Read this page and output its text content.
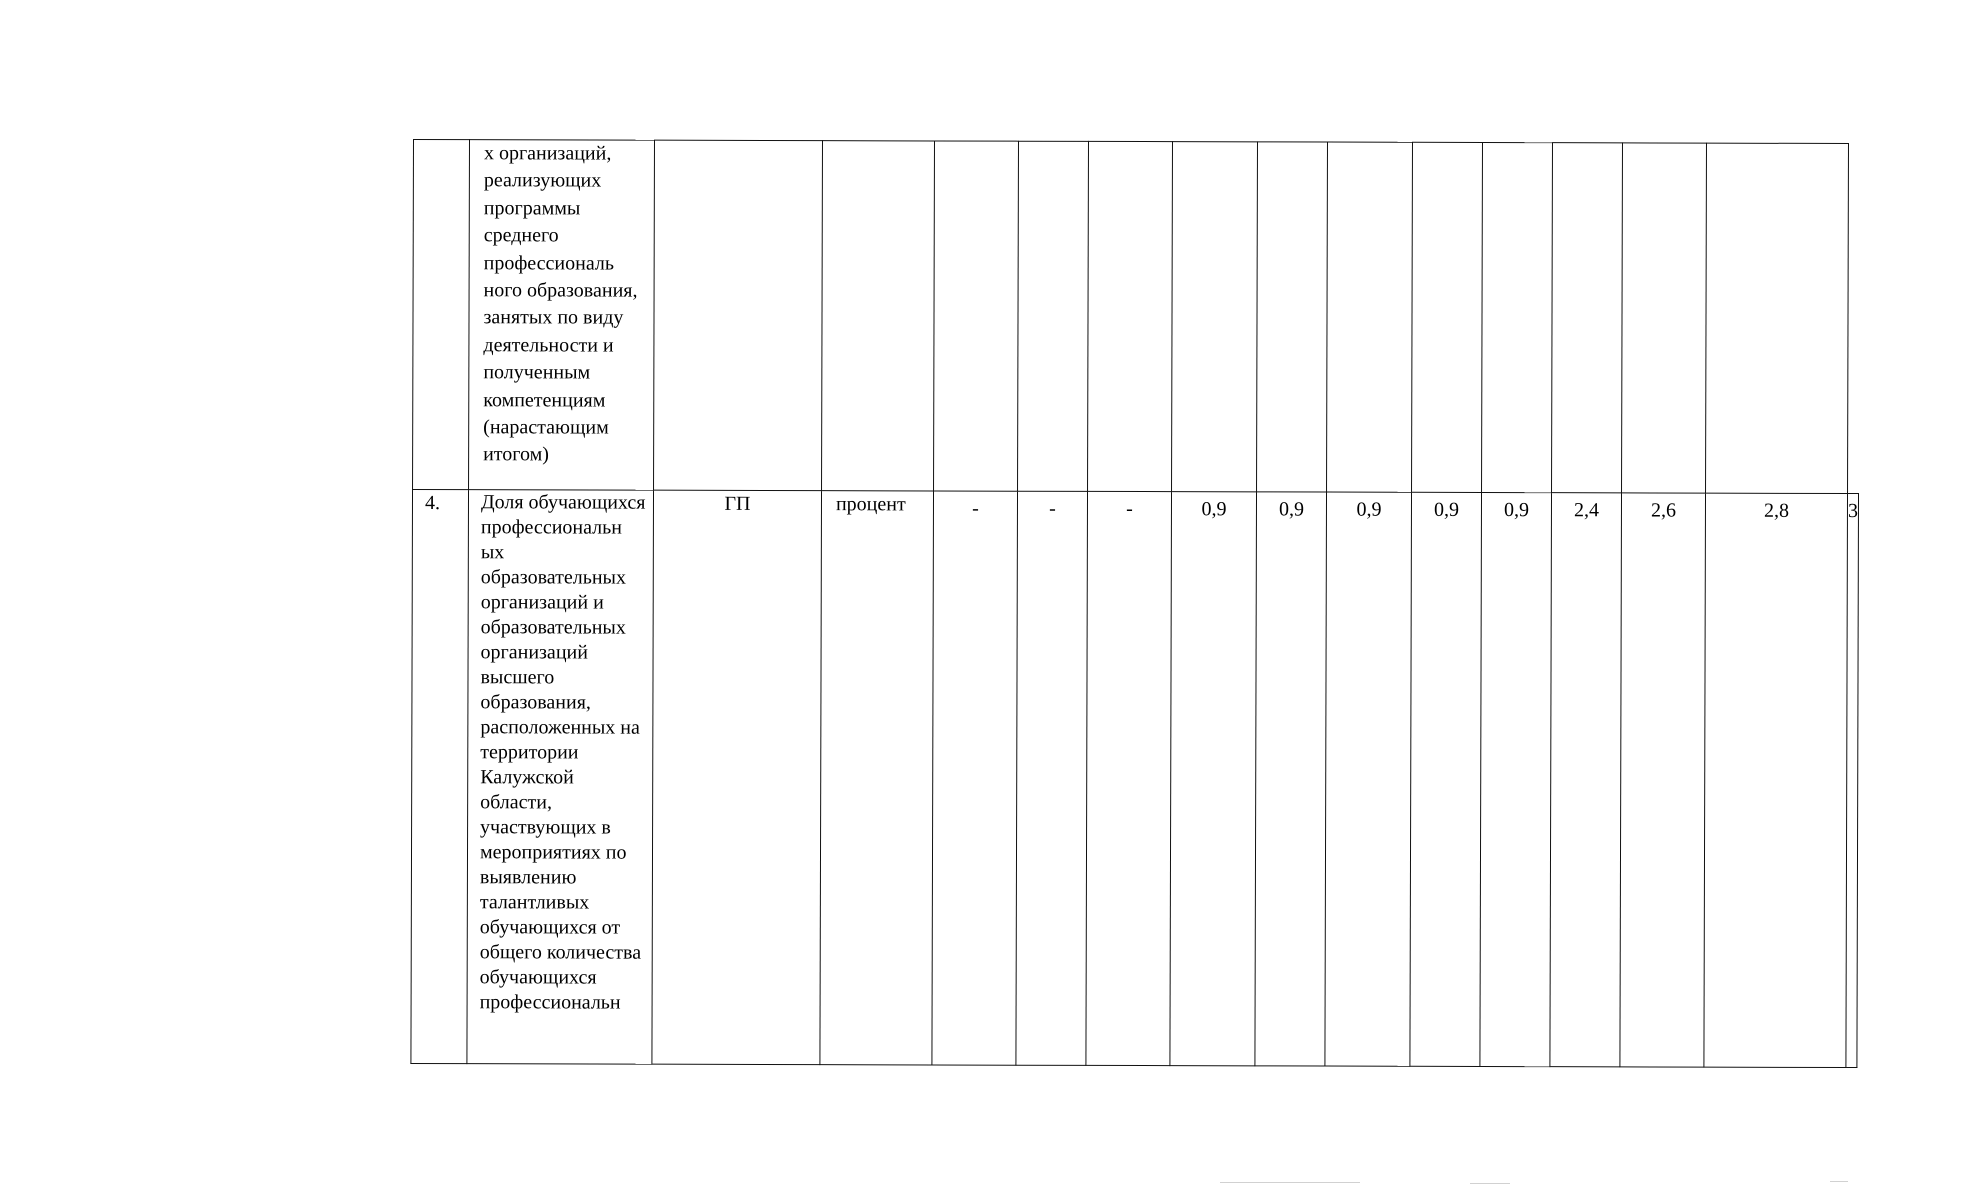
	х организаций, реализующих программы среднего профессиональ ного образования, занятых по виду деятельности и полученным компетенциям (нарастающим итогом)														

4.	Доля обучающихся профессиональн ых образовательных организаций и образовательных организаций высшего образования, расположенных на территории Калужской области, участвующих в мероприятиях по выявлению талантливых обучающихся от общего количества обучающихся профессиональн	ГП	процент	-	-	-	0,9	0,9	0,9	0,9	0,9	2,4	2,6	2,8	3
